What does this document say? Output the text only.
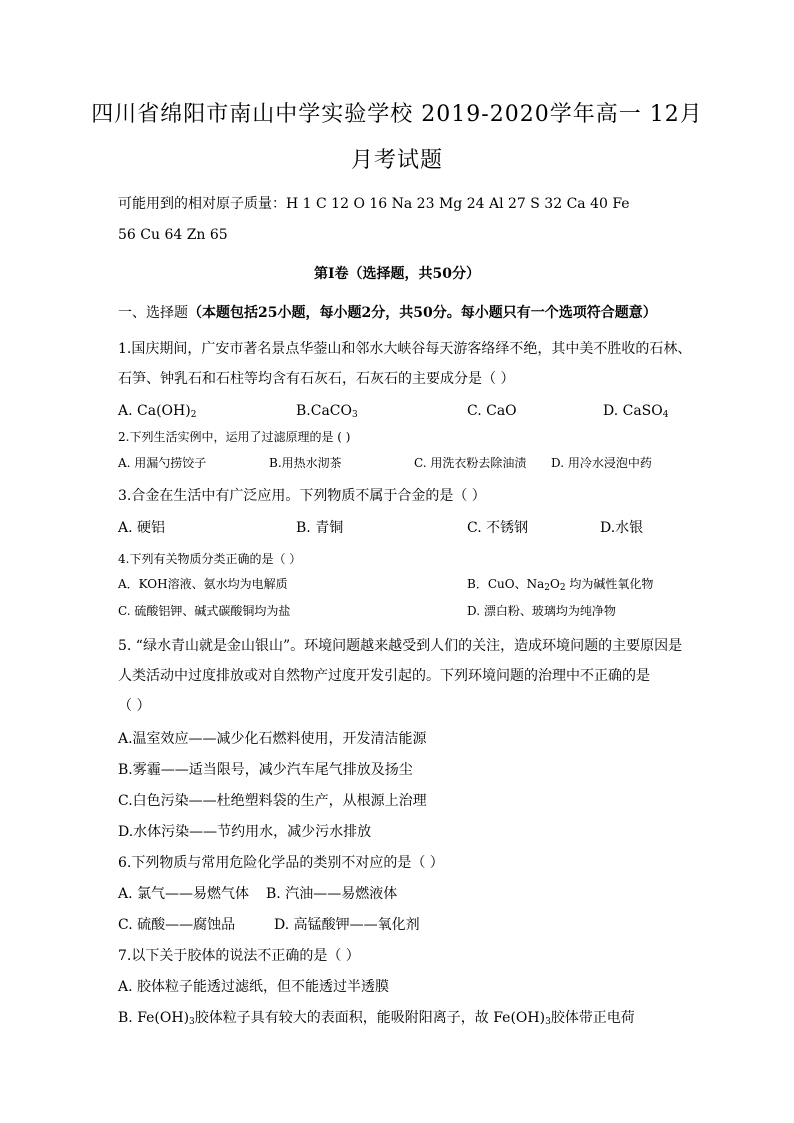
四川省绵阳市南山中学实验学校 2019-2020学年高一 12月
月考试题
可能用到的相对原子质量：H 1 C 12 O 16 Na 23 Mg 24 Al 27 S 32 Ca 40 Fe
56 Cu 64 Zn 65
第Ⅰ卷（选择题，共50分）
一、选择题（本题包括25小题，每小题2分，共50分。每小题只有一个选项符合题意）
1.国庆期间，广安市著名景点华蓥山和邻水大峡谷每天游客络绎不绝，其中美不胜收的石林、
石笋、钟乳石和石柱等均含有石灰石，石灰石的主要成分是（ ）
A. $Ca(OH)_2$	B.CaCO$_3$	C. CaO	D. CaSO$_4$
2.下列生活实例中，运用了过滤原理的是 ( )
A. 用漏勺捞饺子	B.用热水沏茶	C. 用洗衣粉去除油渍 D. 用冷水浸泡中药
3.合金在生活中有广泛应用。下列物质不属于合金的是（ ）
A. 硬铝	B. 青铜	C. 不锈钢	D.水银
4.下列有关物质分类正确的是（ ）
A．KOH溶液、氨水均为电解质	B．CuO、$Na_2O_2$ 均为碱性氧化物
C. 硫酸铝钾、碱式碳酸铜均为盐	D. 漂白粉、玻璃均为纯净物
5. “绿水青山就是金山银山”。环境问题越来越受到人们的关注，造成环境问题的主要原因是
人类活动中过度排放或对自然物产过度开发引起的。下列环境问题的治理中不正确的是
（ ）
A.温室效应——减少化石燃料使用，开发清洁能源
B.雾霾——适当限号，减少汽车尾气排放及扬尘
C.白色污染——杜绝塑料袋的生产，从根源上治理
D.水体污染——节约用水，减少污水排放
6.下列物质与常用危险化学品的类别不对应的是（ ）
A. 氯气——易燃气体 B. 汽油——易燃液体
C. 硫酸——腐蚀品	D. 高锰酸钾——氧化剂
7.以下关于胶体的说法不正确的是（ ）
A. 胶体粒子能透过滤纸，但不能透过半透膜
B. $Fe(OH)_3$胶体粒子具有较大的表面积，能吸附阳离子，故 $Fe(OH)_3$胶体带正电荷
